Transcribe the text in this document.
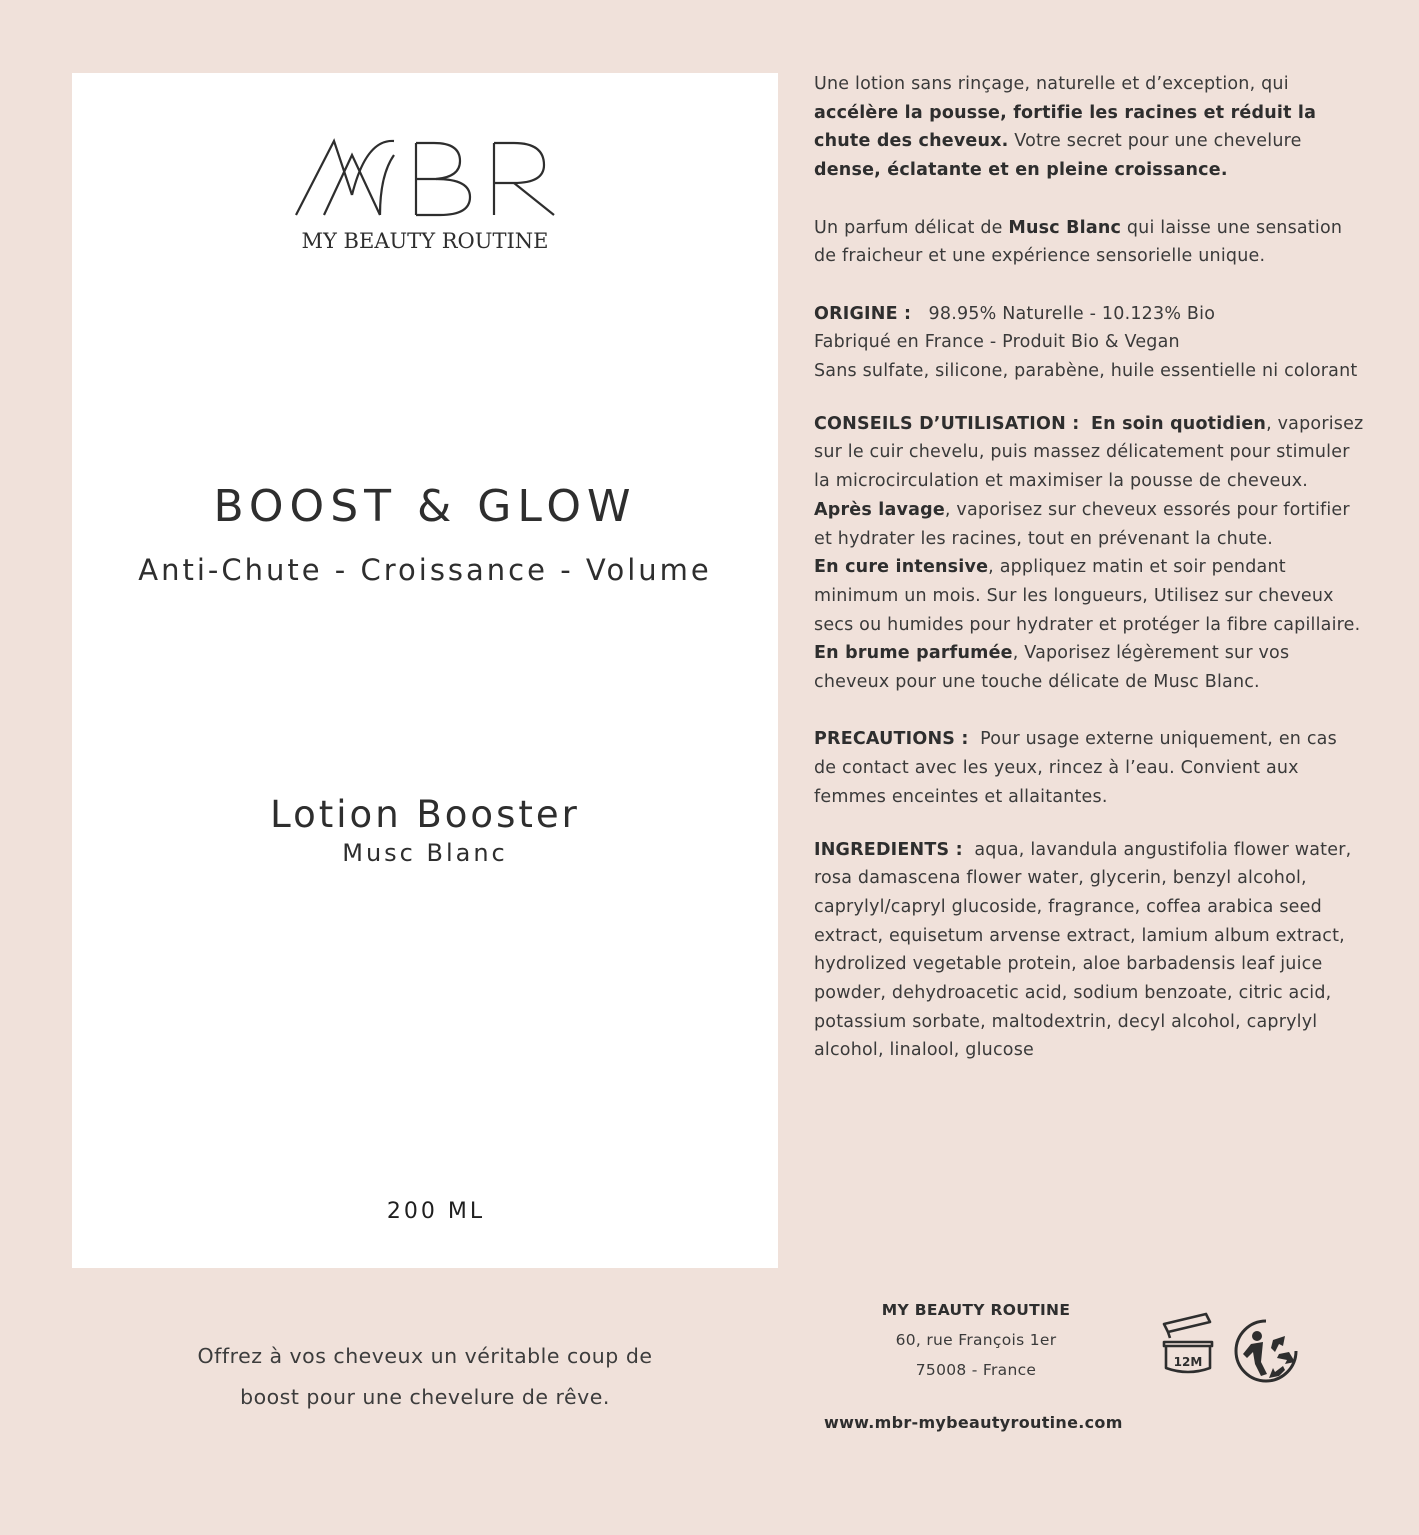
MY BEAUTY ROUTINE
BOOST & GLOW
Anti-Chute - Croissance - Volume
Lotion Booster
Musc Blanc
200 ML
Offrez à vos cheveux un véritable coup de
boost pour une chevelure de rêve.

Une lotion sans rinçage, naturelle et d’exception, qui accélère la pousse, fortifie les racines et réduit la chute des cheveux. Votre secret pour une chevelure dense, éclatante et en pleine croissance.

Un parfum délicat de Musc Blanc qui laisse une sensation de fraicheur et une expérience sensorielle unique.

ORIGINE : 98.95% Naturelle - 10.123% Bio
Fabriqué en France - Produit Bio & Vegan
Sans sulfate, silicone, parabène, huile essentielle ni colorant

CONSEILS D’UTILISATION : En soin quotidien, vaporisez sur le cuir chevelu, puis massez délicatement pour stimuler la microcirculation et maximiser la pousse de cheveux.
Après lavage, vaporisez sur cheveux essorés pour fortifier et hydrater les racines, tout en prévenant la chute.
En cure intensive, appliquez matin et soir pendant minimum un mois. Sur les longueurs, Utilisez sur cheveux secs ou humides pour hydrater et protéger la fibre capillaire.
En brume parfumée, Vaporisez légèrement sur vos cheveux pour une touche délicate de Musc Blanc.

PRECAUTIONS : Pour usage externe uniquement, en cas de contact avec les yeux, rincez à l’eau. Convient aux femmes enceintes et allaitantes.

INGREDIENTS : aqua, lavandula angustifolia flower water, rosa damascena flower water, glycerin, benzyl alcohol, caprylyl/capryl glucoside, fragrance, coffea arabica seed extract, equisetum arvense extract, lamium album extract, hydrolized vegetable protein, aloe barbadensis leaf juice powder, dehydroacetic acid, sodium benzoate, citric acid, potassium sorbate, maltodextrin, decyl alcohol, caprylyl alcohol, linalool, glucose

MY BEAUTY ROUTINE
60, rue François 1er
75008 - France
www.mbr-mybeautyroutine.com
12M
